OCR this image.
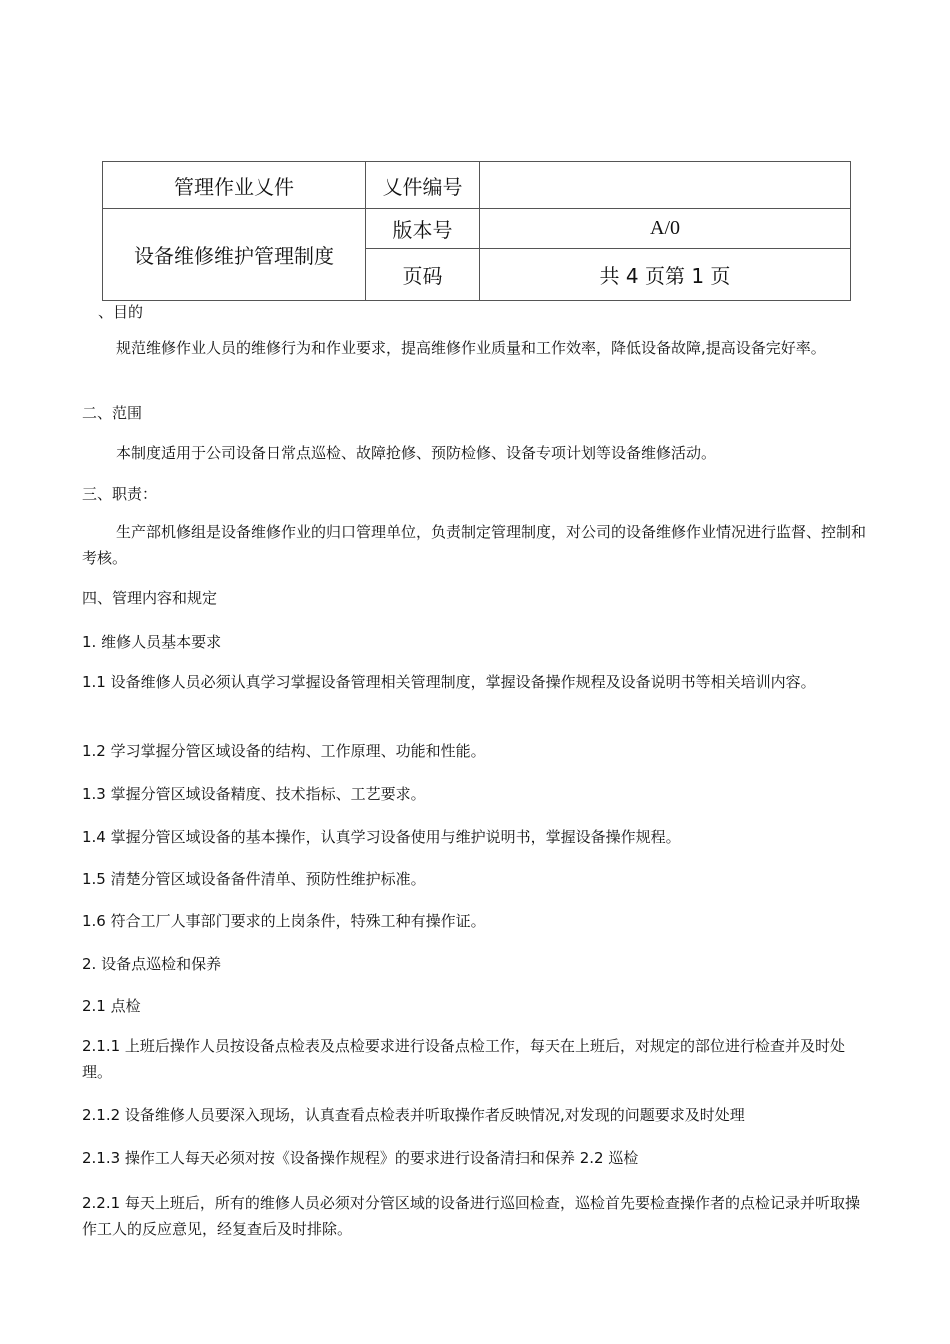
管理作业乂件	乂件编号	
设备维修维护管理制度	版本号	A/0
	页码	共 4 页第 1 页
、目的
规范维修作业人员的维修行为和作业要求，提高维修作业质量和工作效率，降低设备故障,提高设备完好率。
二、范围
本制度适用于公司设备日常点巡检、故障抢修、预防检修、设备专项计划等设备维修活动。
三、职责：
生产部机修组是设备维修作业的归口管理单位，负责制定管理制度，对公司的设备维修作业情况进行监督、控制和考核。
四、管理内容和规定
1. 维修人员基本要求
1.1 设备维修人员必须认真学习掌握设备管理相关管理制度，掌握设备操作规程及设备说明书等相关培训内容。
1.2 学习掌握分管区域设备的结构、工作原理、功能和性能。
1.3 掌握分管区域设备精度、技术指标、工艺要求。
1.4 掌握分管区域设备的基本操作，认真学习设备使用与维护说明书，掌握设备操作规程。
1.5 清楚分管区域设备备件清单、预防性维护标准。
1.6 符合工厂人事部门要求的上岗条件，特殊工种有操作证。
2. 设备点巡检和保养
2.1 点检
2.1.1 上班后操作人员按设备点检表及点检要求进行设备点检工作，每天在上班后，对规定的部位进行检查并及时处理。
2.1.2 设备维修人员要深入现场，认真查看点检表并听取操作者反映情况,对发现的问题要求及时处理
2.1.3 操作工人每天必须对按《设备操作规程》的要求进行设备清扫和保养 2.2 巡检
2.2.1 每天上班后，所有的维修人员必须对分管区域的设备进行巡回检查，巡检首先要检查操作者的点检记录并听取操作工人的反应意见，经复查后及时排除。
